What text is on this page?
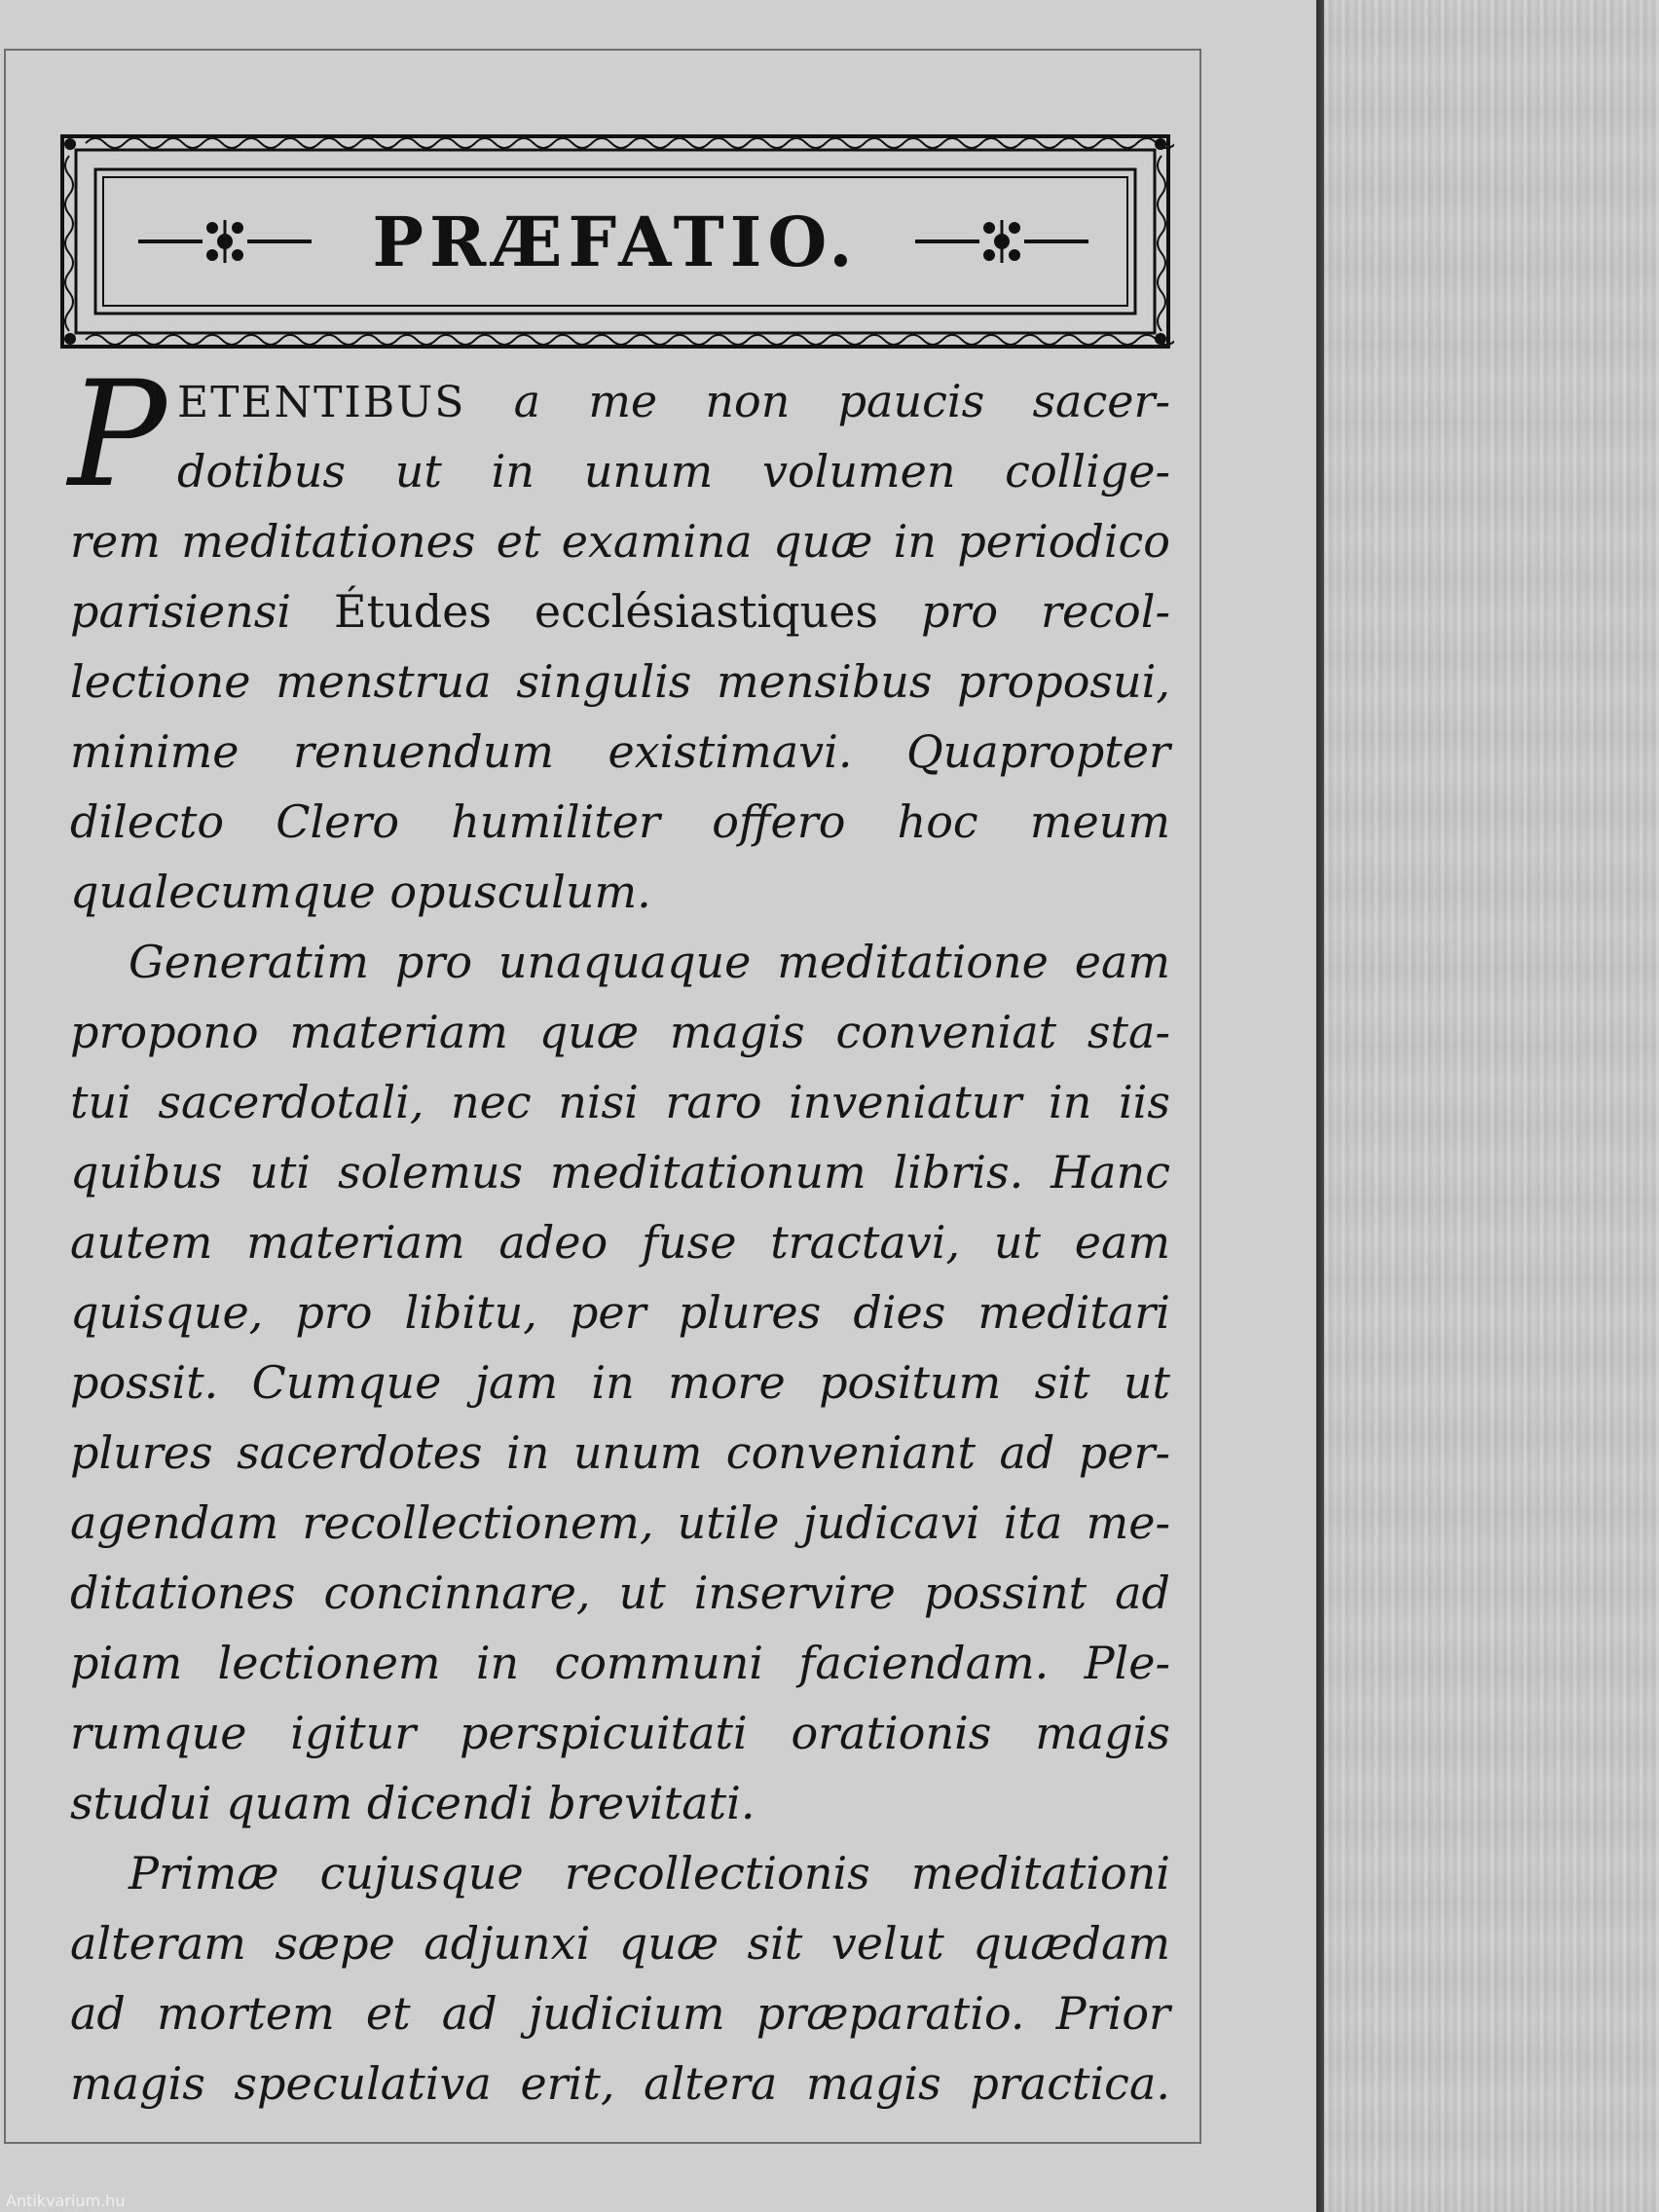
PRÆFATIO.
P ETENTIBUS a me non paucis sacer-
dotibus ut in unum volumen collige-
rem meditationes et examina quæ in periodico
parisiensi Études ecclésiastiques pro recol-
lectione menstrua singulis mensibus proposui,
minime renuendum existimavi. Quapropter
dilecto Clero humiliter offero hoc meum
qualecumque opusculum.
Generatim pro unaquaque meditatione eam
propono materiam quæ magis conveniat sta-
tui sacerdotali, nec nisi raro inveniatur in iis
quibus uti solemus meditationum libris. Hanc
autem materiam adeo fuse tractavi, ut eam
quisque, pro libitu, per plures dies meditari
possit. Cumque jam in more positum sit ut
plures sacerdotes in unum conveniant ad per-
agendam recollectionem, utile judicavi ita me-
ditationes concinnare, ut inservire possint ad
piam lectionem in communi faciendam. Ple-
rumque igitur perspicuitati orationis magis
studui quam dicendi brevitati.
Primæ cujusque recollectionis meditationi
alteram sæpe adjunxi quæ sit velut quædam
ad mortem et ad judicium præparatio. Prior
magis speculativa erit, altera magis practica.
Antikvarium.hu
